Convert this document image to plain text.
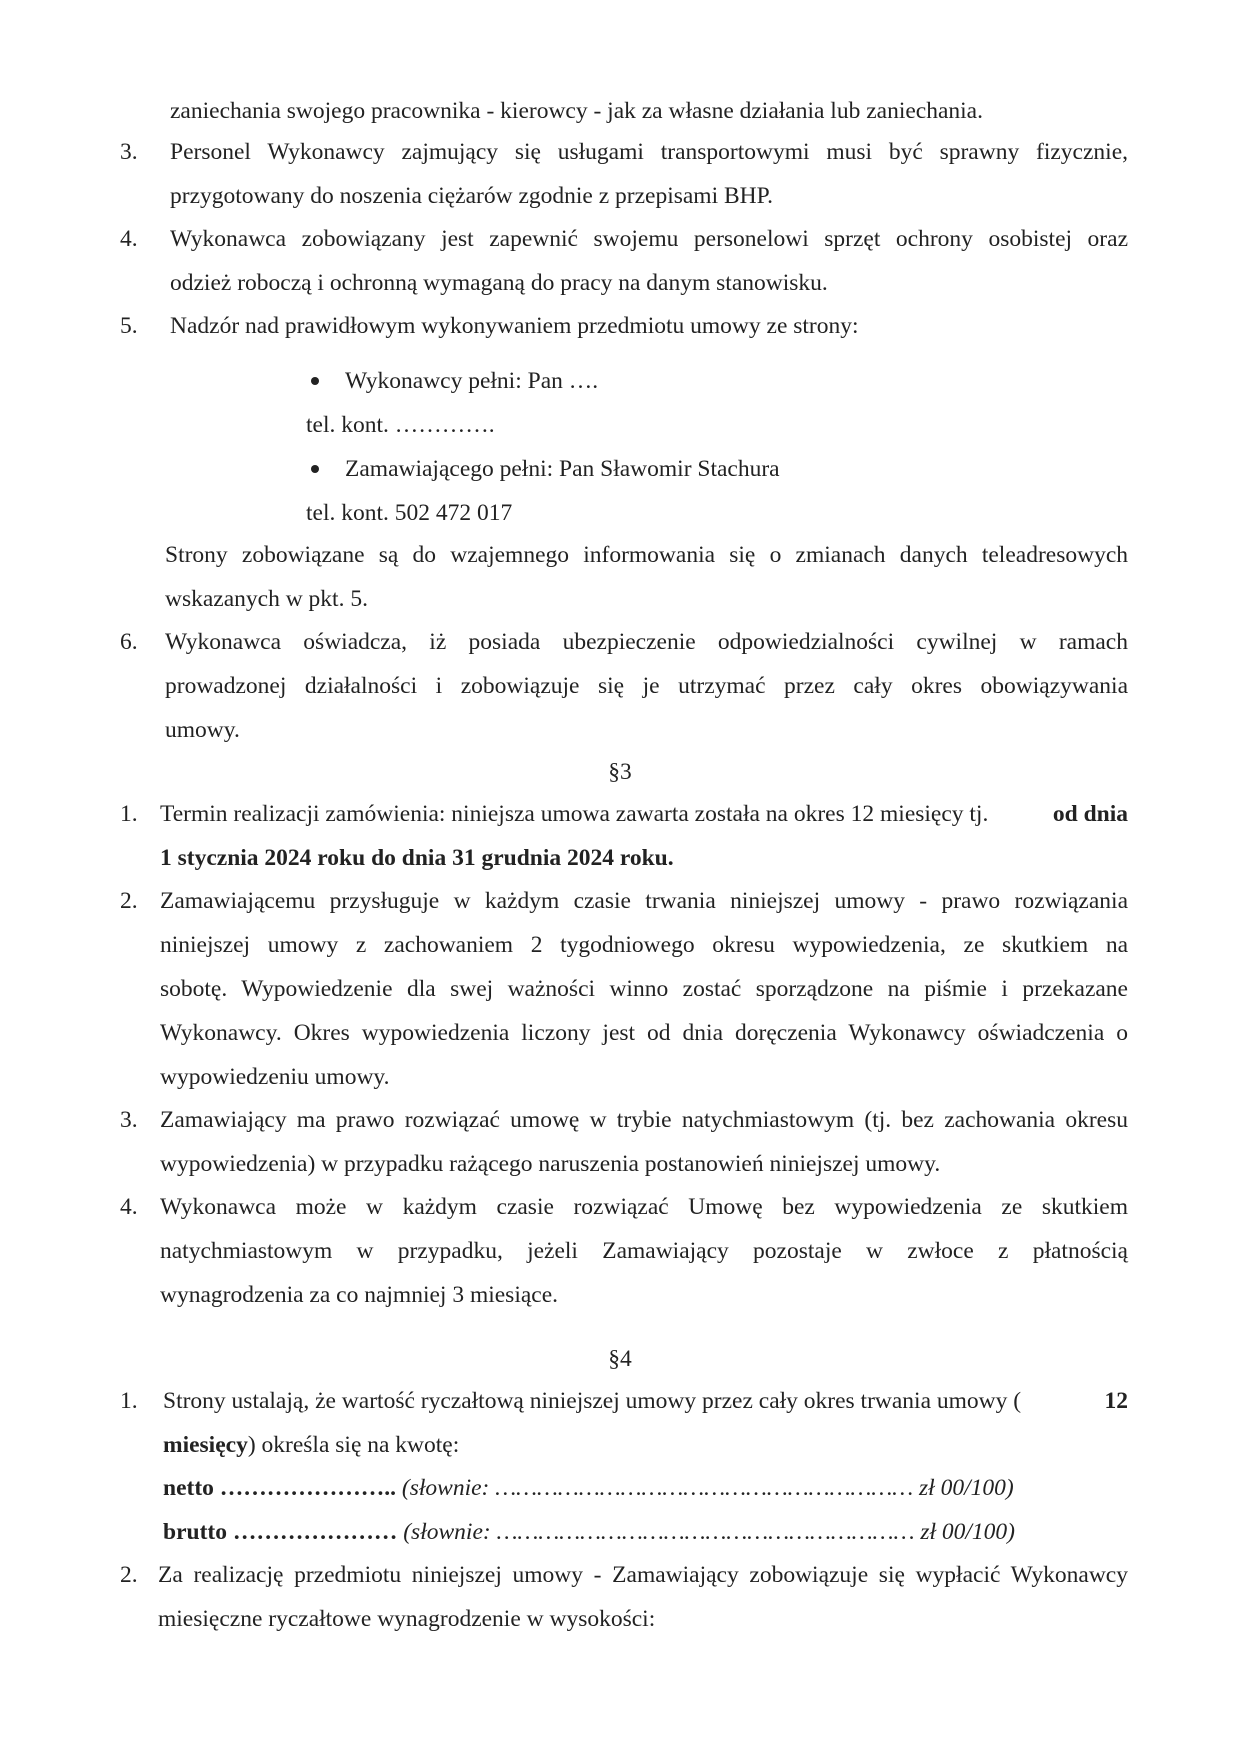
zaniechania swojego pracownika - kierowcy - jak za własne działania lub zaniechania.
3. Personel Wykonawcy zajmujący się usługami transportowymi musi być sprawny fizycznie,
przygotowany do noszenia ciężarów zgodnie z przepisami BHP.
4. Wykonawca zobowiązany jest zapewnić swojemu personelowi sprzęt ochrony osobistej oraz
odzież roboczą i ochronną wymaganą do pracy na danym stanowisku.
5. Nadzór nad prawidłowym wykonywaniem przedmiotu umowy ze strony:
Wykonawcy pełni: Pan ….
tel. kont. ………….
Zamawiającego pełni: Pan Sławomir Stachura
tel. kont. 502 472 017
Strony zobowiązane są do wzajemnego informowania się o zmianach danych teleadresowych
wskazanych w pkt. 5.
6. Wykonawca oświadcza, iż posiada ubezpieczenie odpowiedzialności cywilnej w ramach
prowadzonej działalności i zobowiązuje się je utrzymać przez cały okres obowiązywania
umowy.
§3
1. Termin realizacji zamówienia: niniejsza umowa zawarta została na okres 12 miesięcy tj.	od dnia
1 stycznia 2024 roku do dnia 31 grudnia 2024 roku.
2. Zamawiającemu przysługuje w każdym czasie trwania niniejszej umowy - prawo rozwiązania
niniejszej umowy z zachowaniem 2 tygodniowego okresu wypowiedzenia, ze skutkiem na
sobotę. Wypowiedzenie dla swej ważności winno zostać sporządzone na piśmie i przekazane
Wykonawcy. Okres wypowiedzenia liczony jest od dnia doręczenia Wykonawcy oświadczenia o
wypowiedzeniu umowy.
3. Zamawiający ma prawo rozwiązać umowę w trybie natychmiastowym (tj. bez zachowania okresu
wypowiedzenia) w przypadku rażącego naruszenia postanowień niniejszej umowy.
4. Wykonawca może w każdym czasie rozwiązać Umowę bez wypowiedzenia ze skutkiem
natychmiastowym w przypadku, jeżeli Zamawiający pozostaje w zwłoce z płatnością
wynagrodzenia za co najmniej 3 miesiące.
§4
1. Strony ustalają, że wartość ryczałtową niniejszej umowy przez cały okres trwania umowy (	12
miesięcy) określa się na kwotę:
netto ………………….. (słownie: …………………………………………………… zł 00/100)
brutto ………………… (słownie: …………………………………………………… zł 00/100)
2. Za realizację przedmiotu niniejszej umowy - Zamawiający zobowiązuje się wypłacić Wykonawcy
miesięczne ryczałtowe wynagrodzenie w wysokości:
